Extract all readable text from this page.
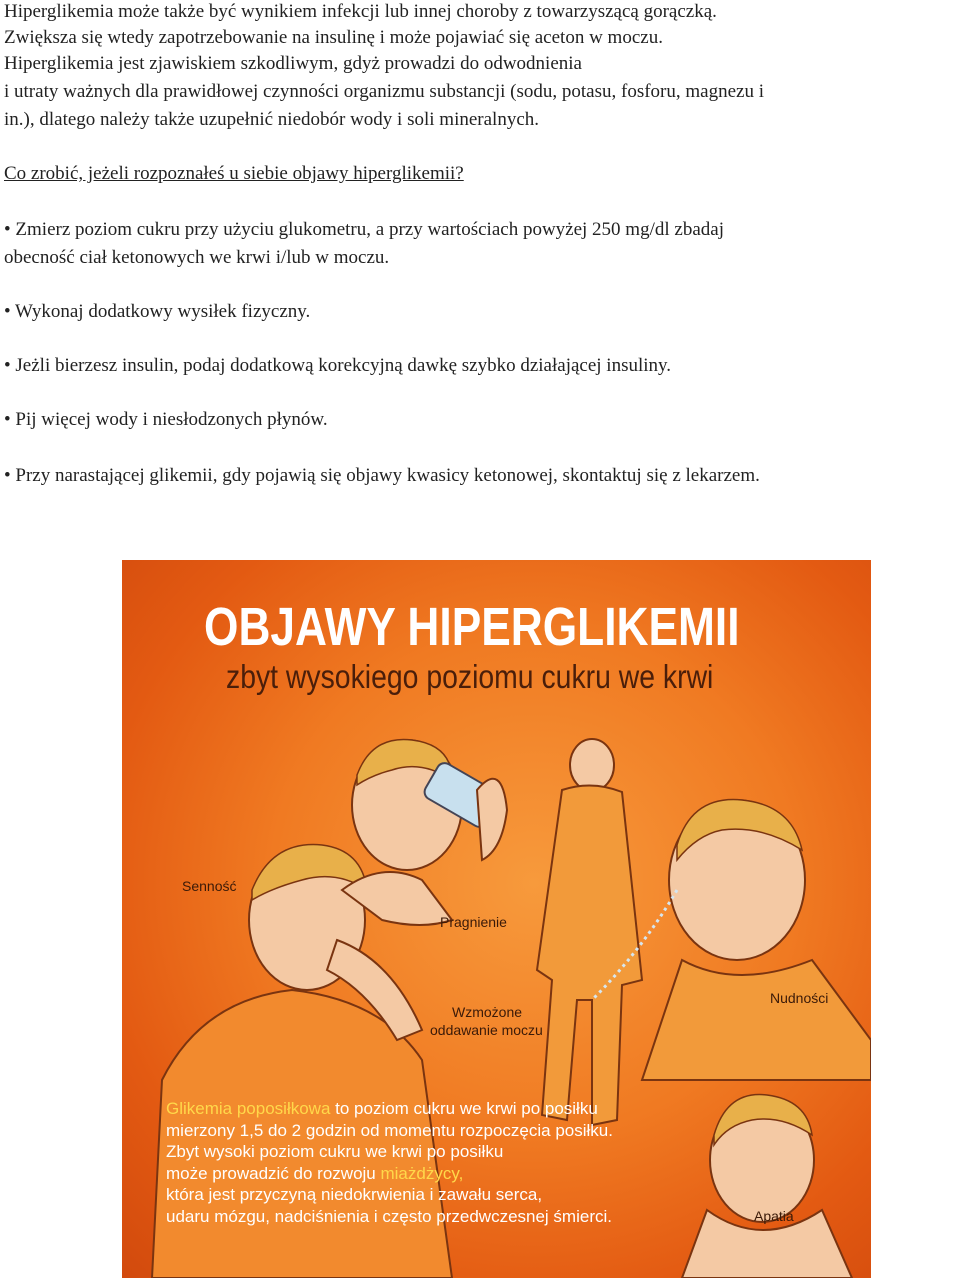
Hiperglikemia może także być wynikiem infekcji lub innej choroby z towarzyszącą gorączką.
Zwiększa się wtedy zapotrzebowanie na insulinę i może pojawiać się aceton w moczu.
Hiperglikemia jest zjawiskiem szkodliwym, gdyż prowadzi do odwodnienia
i utraty ważnych dla prawidłowej czynności organizmu substancji (sodu, potasu, fosforu, magnezu i
in.), dlatego należy także uzupełnić niedobór wody i soli mineralnych.
Co zrobić, jeżeli rozpoznałeś u siebie objawy hiperglikemii?
• Zmierz poziom cukru przy użyciu glukometru, a przy wartościach powyżej 250 mg/dl zbadaj
obecność ciał ketonowych we krwi i/lub w moczu.
• Wykonaj dodatkowy wysiłek fizyczny.
• Jeżli bierzesz insulin, podaj dodatkową korekcyjną dawkę szybko działającej insuliny.
• Pij więcej wody i niesłodzonych płynów.
• Przy narastającej glikemii, gdy pojawią się objawy kwasicy ketonowej, skontaktuj się z lekarzem.
OBJAWY HIPERGLIKEMII
zbyt wysokiego poziomu cukru we krwi
Senność
Pragnienie
Wzmożone
oddawanie moczu
Nudności
Apatia
Glikemia poposiłkowa to poziom cukru we krwi po posiłku
mierzony 1,5 do 2 godzin od momentu rozpoczęcia posiłku.
Zbyt wysoki poziom cukru we krwi po posiłku
może prowadzić do rozwoju miażdżycy,
która jest przyczyną niedokrwienia i zawału serca,
udaru mózgu, nadciśnienia i często przedwczesnej śmierci.
